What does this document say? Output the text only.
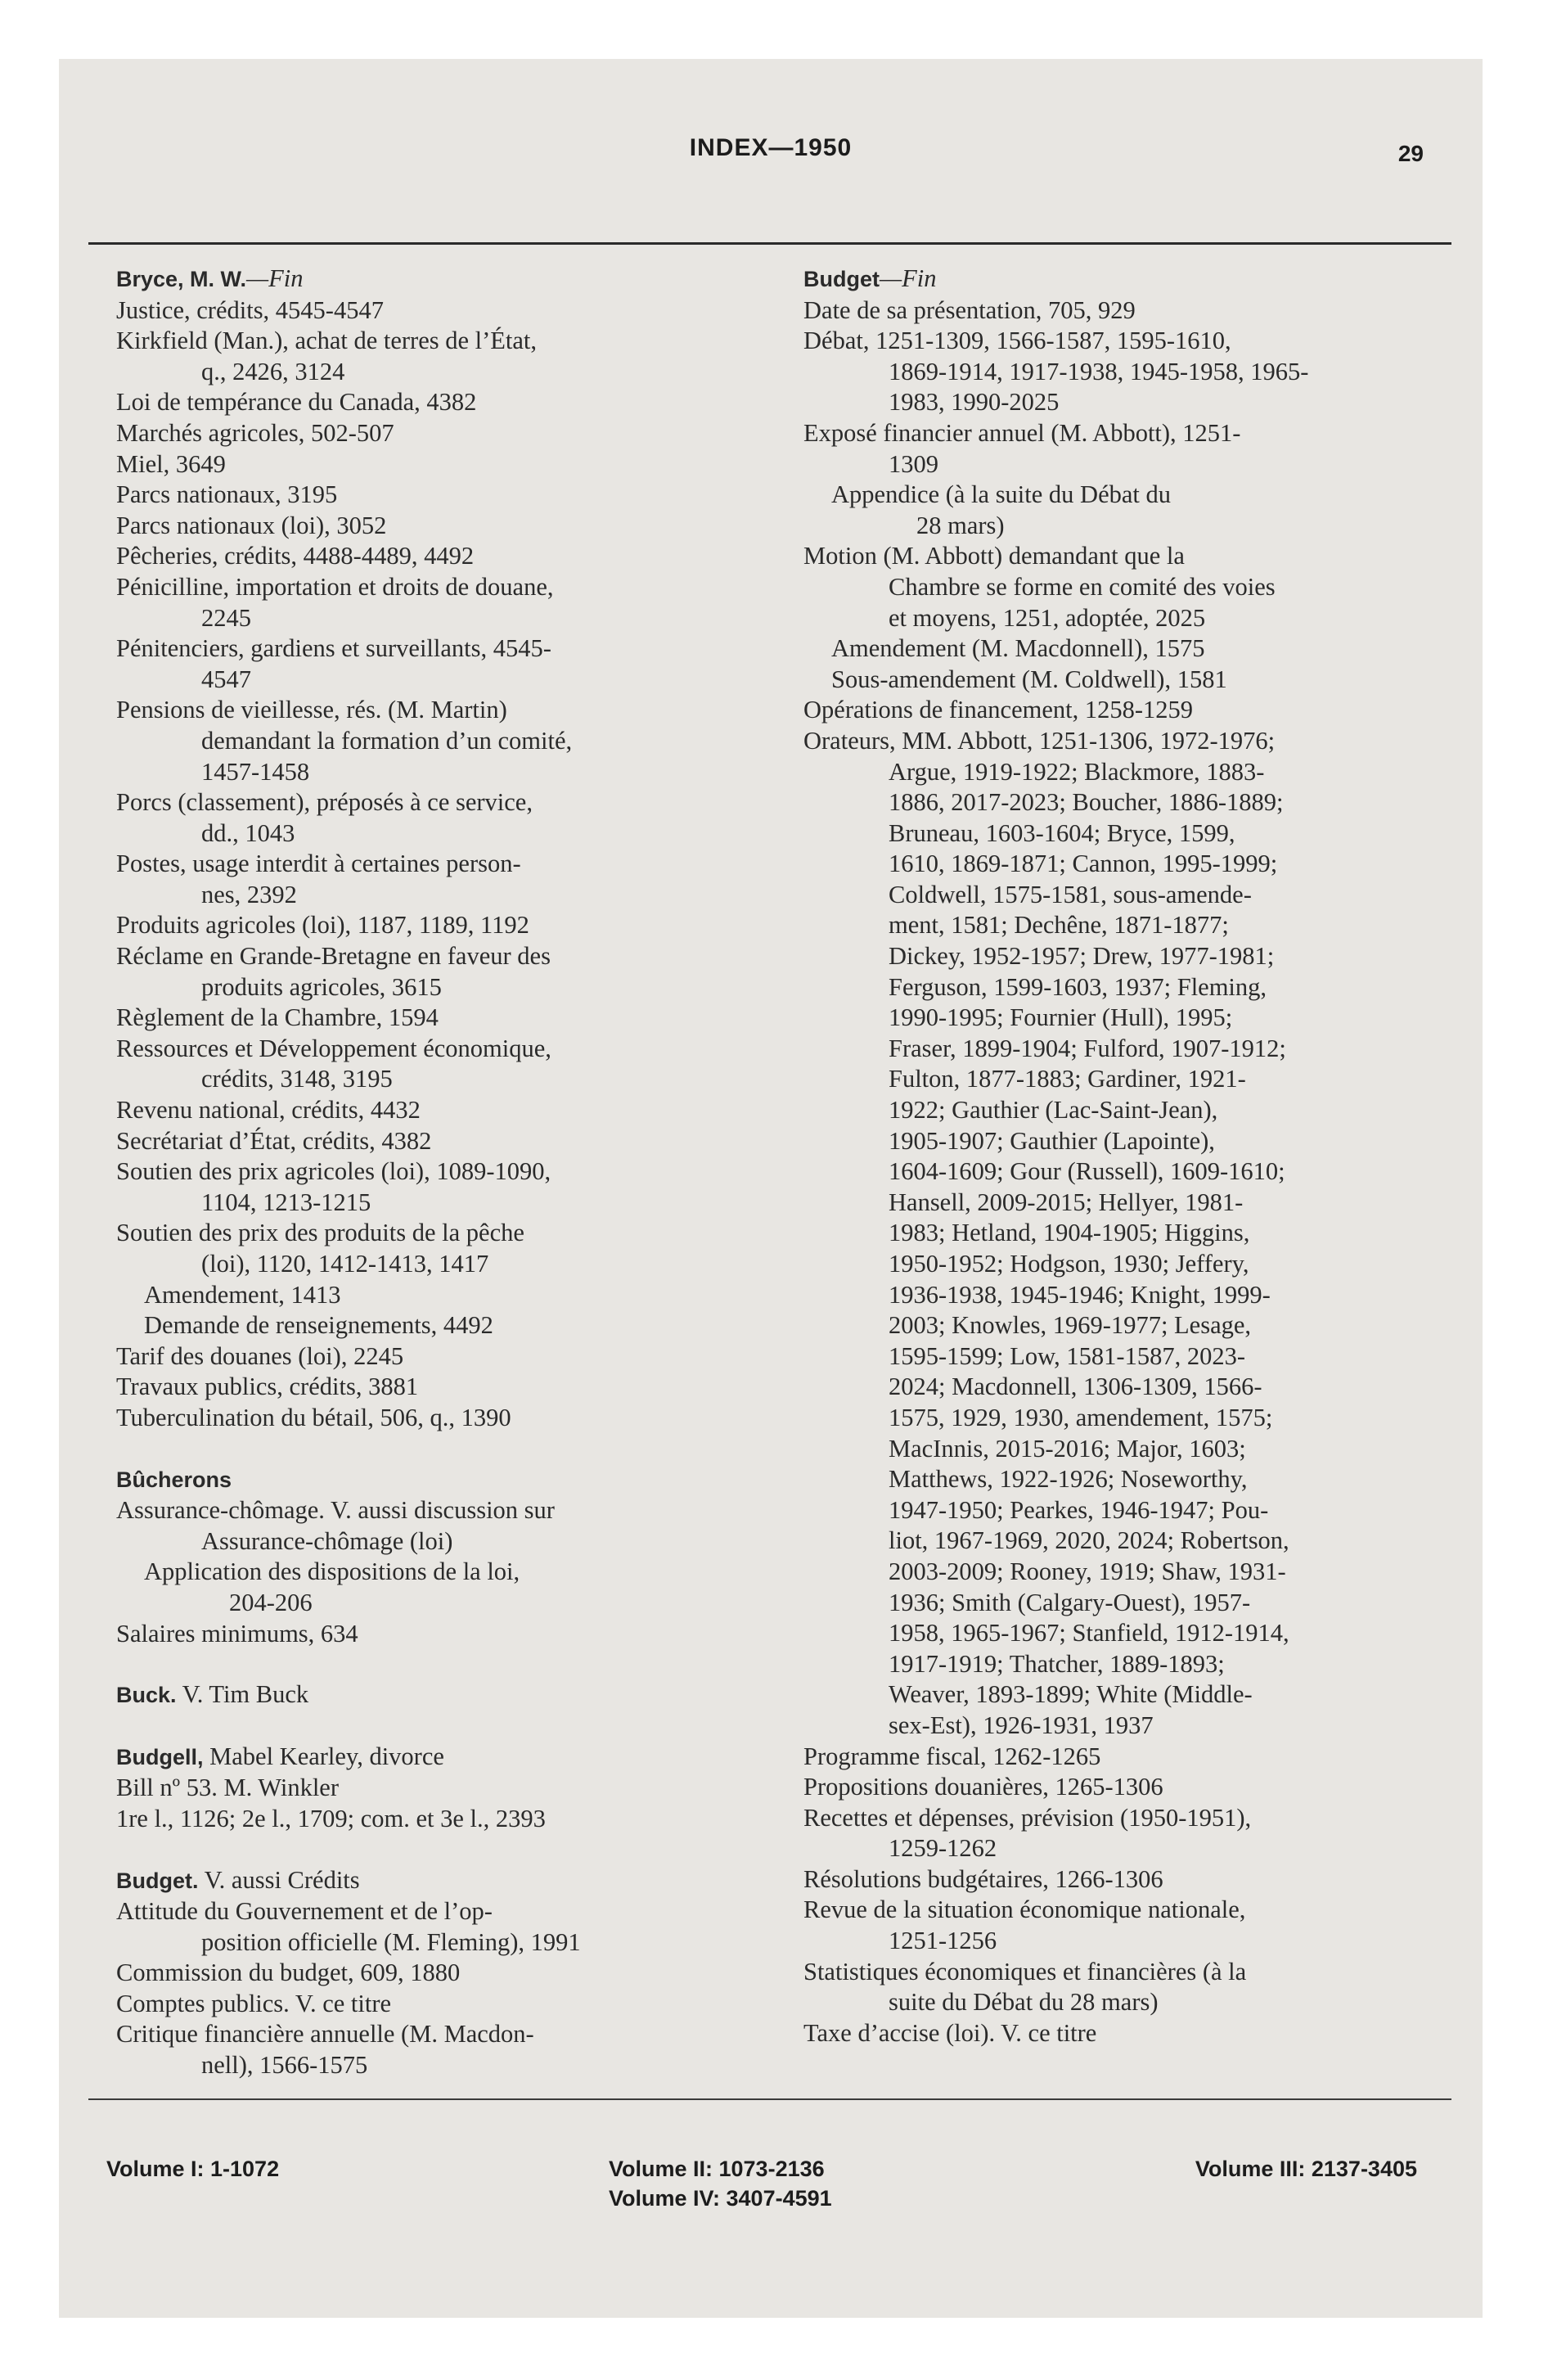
INDEX—1950	29
Bryce, M. W.—Fin
Justice, crédits, 4545-4547
Kirkfield (Man.), achat de terres de l’État,
q., 2426, 3124
Loi de tempérance du Canada, 4382
Marchés agricoles, 502-507
Miel, 3649
Parcs nationaux, 3195
Parcs nationaux (loi), 3052
Pêcheries, crédits, 4488-4489, 4492
Pénicilline, importation et droits de douane,
2245
Pénitenciers, gardiens et surveillants, 4545-
4547
Pensions de vieillesse, rés. (M. Martin)
demandant la formation d’un comité,
1457-1458
Porcs (classement), préposés à ce service,
dd., 1043
Postes, usage interdit à certaines person-
nes, 2392
Produits agricoles (loi), 1187, 1189, 1192
Réclame en Grande-Bretagne en faveur des
produits agricoles, 3615
Règlement de la Chambre, 1594
Ressources et Développement économique,
crédits, 3148, 3195
Revenu national, crédits, 4432
Secrétariat d’État, crédits, 4382
Soutien des prix agricoles (loi), 1089-1090,
1104, 1213-1215
Soutien des prix des produits de la pêche
(loi), 1120, 1412-1413, 1417
Amendement, 1413
Demande de renseignements, 4492
Tarif des douanes (loi), 2245
Travaux publics, crédits, 3881
Tuberculination du bétail, 506, q., 1390
Bûcherons
Assurance-chômage. V. aussi discussion sur
Assurance-chômage (loi)
Application des dispositions de la loi,
204-206
Salaires minimums, 634
Buck. V. Tim Buck
Budgell, Mabel Kearley, divorce
Bill nº 53. M. Winkler
1re l., 1126; 2e l., 1709; com. et 3e l., 2393
Budget. V. aussi Crédits
Attitude du Gouvernement et de l’op-
position officielle (M. Fleming), 1991
Commission du budget, 609, 1880
Comptes publics. V. ce titre
Critique financière annuelle (M. Macdon-
nell), 1566-1575
Budget—Fin
Date de sa présentation, 705, 929
Débat, 1251-1309, 1566-1587, 1595-1610,
1869-1914, 1917-1938, 1945-1958, 1965-
1983, 1990-2025
Exposé financier annuel (M. Abbott), 1251-
1309
Appendice (à la suite du Débat du
28 mars)
Motion (M. Abbott) demandant que la
Chambre se forme en comité des voies
et moyens, 1251, adoptée, 2025
Amendement (M. Macdonnell), 1575
Sous-amendement (M. Coldwell), 1581
Opérations de financement, 1258-1259
Orateurs, MM. Abbott, 1251-1306, 1972-1976;
Argue, 1919-1922; Blackmore, 1883-
1886, 2017-2023; Boucher, 1886-1889;
Bruneau, 1603-1604; Bryce, 1599,
1610, 1869-1871; Cannon, 1995-1999;
Coldwell, 1575-1581, sous-amende-
ment, 1581; Dechêne, 1871-1877;
Dickey, 1952-1957; Drew, 1977-1981;
Ferguson, 1599-1603, 1937; Fleming,
1990-1995; Fournier (Hull), 1995;
Fraser, 1899-1904; Fulford, 1907-1912;
Fulton, 1877-1883; Gardiner, 1921-
1922; Gauthier (Lac-Saint-Jean),
1905-1907; Gauthier (Lapointe),
1604-1609; Gour (Russell), 1609-1610;
Hansell, 2009-2015; Hellyer, 1981-
1983; Hetland, 1904-1905; Higgins,
1950-1952; Hodgson, 1930; Jeffery,
1936-1938, 1945-1946; Knight, 1999-
2003; Knowles, 1969-1977; Lesage,
1595-1599; Low, 1581-1587, 2023-
2024; Macdonnell, 1306-1309, 1566-
1575, 1929, 1930, amendement, 1575;
MacInnis, 2015-2016; Major, 1603;
Matthews, 1922-1926; Noseworthy,
1947-1950; Pearkes, 1946-1947; Pou-
liot, 1967-1969, 2020, 2024; Robertson,
2003-2009; Rooney, 1919; Shaw, 1931-
1936; Smith (Calgary-Ouest), 1957-
1958, 1965-1967; Stanfield, 1912-1914,
1917-1919; Thatcher, 1889-1893;
Weaver, 1893-1899; White (Middle-
sex-Est), 1926-1931, 1937
Programme fiscal, 1262-1265
Propositions douanières, 1265-1306
Recettes et dépenses, prévision (1950-1951),
1259-1262
Résolutions budgétaires, 1266-1306
Revue de la situation économique nationale,
1251-1256
Statistiques économiques et financières (à la
suite du Débat du 28 mars)
Taxe d’accise (loi). V. ce titre
Volume I: 1-1072	Volume II: 1073-2136
Volume IV: 3407-4591
Volume III: 2137-3405
